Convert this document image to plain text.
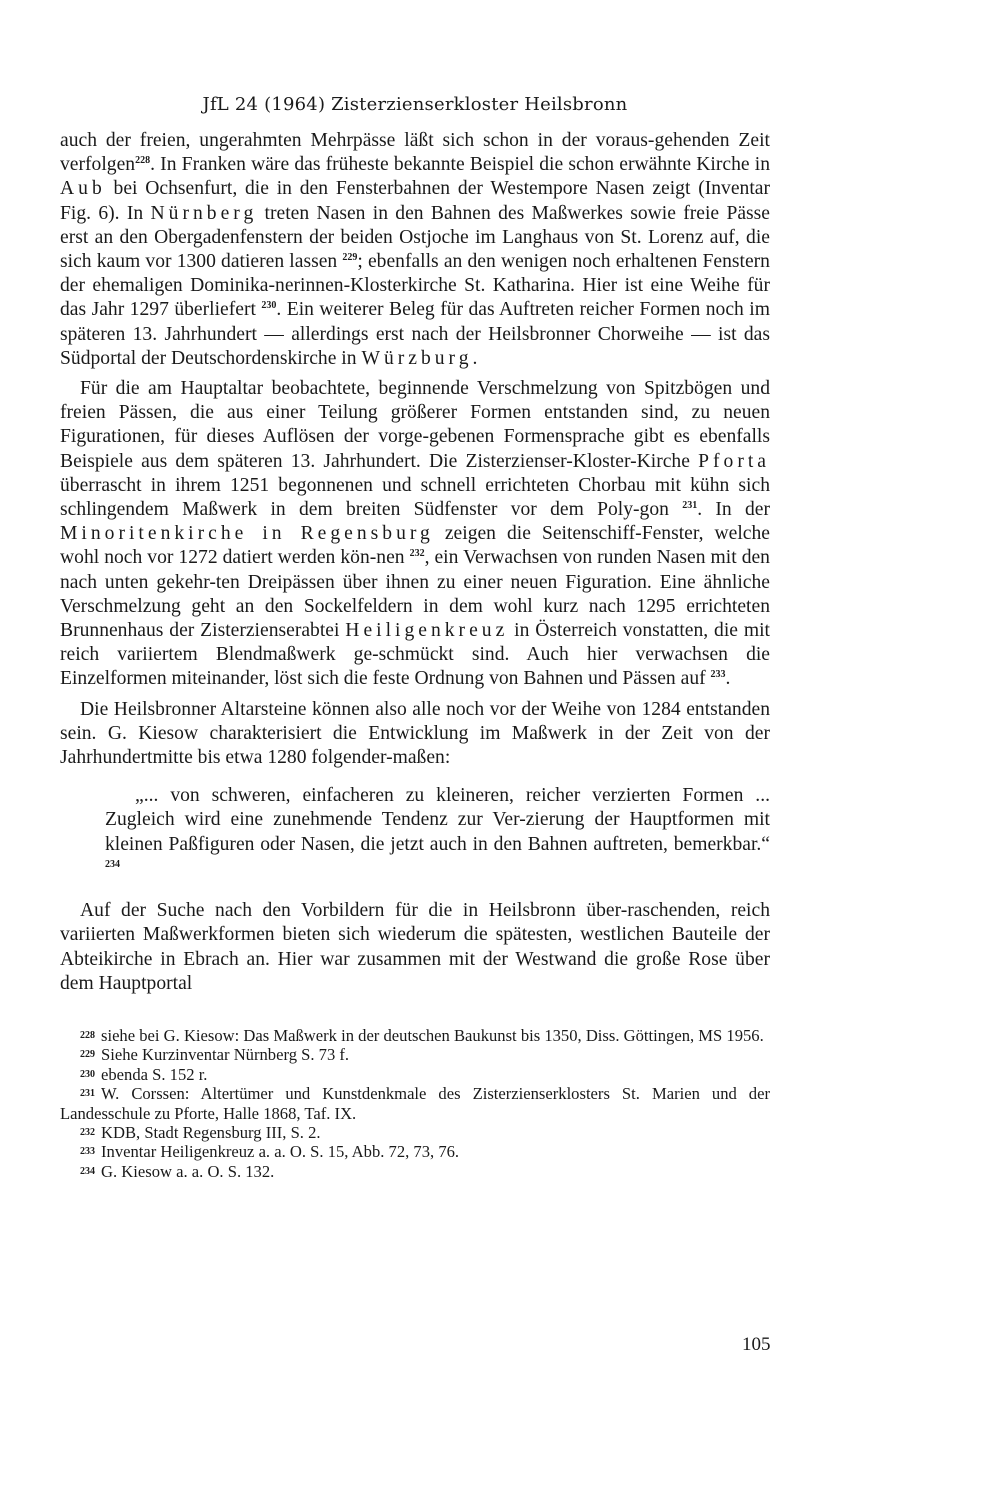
JfL 24 (1964) Zisterzienserkloster Heilsbronn

auch der freien, ungerahmten Mehrpässe läßt sich schon in der voraus-gehenden Zeit verfolgen$^{228}$. In Franken wäre das früheste bekannte Beispiel die schon erwähnte Kirche in Aub bei Ochsenfurt, die in den Fensterbahnen der Westempore Nasen zeigt (Inventar Fig. 6). In Nürnberg treten Nasen in den Bahnen des Maßwerkes sowie freie Pässe erst an den Obergadenfenstern der beiden Ostjoche im Langhaus von St. Lorenz auf, die sich kaum vor 1300 datieren lassen $^{229}$; ebenfalls an den wenigen noch erhaltenen Fenstern der ehemaligen Dominika-nerinnen-Klosterkirche St. Katharina. Hier ist eine Weihe für das Jahr 1297 überliefert $^{230}$. Ein weiterer Beleg für das Auftreten reicher Formen noch im späteren 13. Jahrhundert — allerdings erst nach der Heilsbronner Chorweihe — ist das Südportal der Deutschordenskirche in Würzburg.

Für die am Hauptaltar beobachtete, beginnende Verschmelzung von Spitzbögen und freien Pässen, die aus einer Teilung größerer Formen entstanden sind, zu neuen Figurationen, für dieses Auflösen der vorge-gebenen Formensprache gibt es ebenfalls Beispiele aus dem späteren 13. Jahrhundert. Die Zisterzienser-Kloster-Kirche Pforta überrascht in ihrem 1251 begonnenen und schnell errichteten Chorbau mit kühn sich schlingendem Maßwerk in dem breiten Südfenster vor dem Poly-gon $^{231}$. In der Minoritenkirche in Regensburg zeigen die Seitenschiff-Fenster, welche wohl noch vor 1272 datiert werden kön-nen $^{232}$, ein Verwachsen von runden Nasen mit den nach unten gekehr-ten Dreipässen über ihnen zu einer neuen Figuration. Eine ähnliche Verschmelzung geht an den Sockelfeldern in dem wohl kurz nach 1295 errichteten Brunnenhaus der Zisterzienserabtei Heiligenkreuz in Österreich vonstatten, die mit reich variiertem Blendmaßwerk ge-schmückt sind. Auch hier verwachsen die Einzelformen miteinander, löst sich die feste Ordnung von Bahnen und Pässen auf $^{233}$.

Die Heilsbronner Altarsteine können also alle noch vor der Weihe von 1284 entstanden sein. G. Kiesow charakterisiert die Entwicklung im Maßwerk in der Zeit von der Jahrhundertmitte bis etwa 1280 folgender-maßen:

„... von schweren, einfacheren zu kleineren, reicher verzierten Formen ... Zugleich wird eine zunehmende Tendenz zur Ver-zierung der Hauptformen mit kleinen Paßfiguren oder Nasen, die jetzt auch in den Bahnen auftreten, bemerkbar.“ $^{234}$

Auf der Suche nach den Vorbildern für die in Heilsbronn über-raschenden, reich variierten Maßwerkformen bieten sich wiederum die spätesten, westlichen Bauteile der Abteikirche in Ebrach an. Hier war zusammen mit der Westwand die große Rose über dem Hauptportal

228 siehe bei G. Kiesow: Das Maßwerk in der deutschen Baukunst bis 1350, Diss. Göttingen, MS 1956.

229 Siehe Kurzinventar Nürnberg S. 73 f.

230 ebenda S. 152 r.

231 W. Corssen: Altertümer und Kunstdenkmale des Zisterzienserklosters St. Marien und der Landesschule zu Pforte, Halle 1868, Taf. IX.

232 KDB, Stadt Regensburg III, S. 2.

233 Inventar Heiligenkreuz a. a. O. S. 15, Abb. 72, 73, 76.

234 G. Kiesow a. a. O. S. 132.

105
